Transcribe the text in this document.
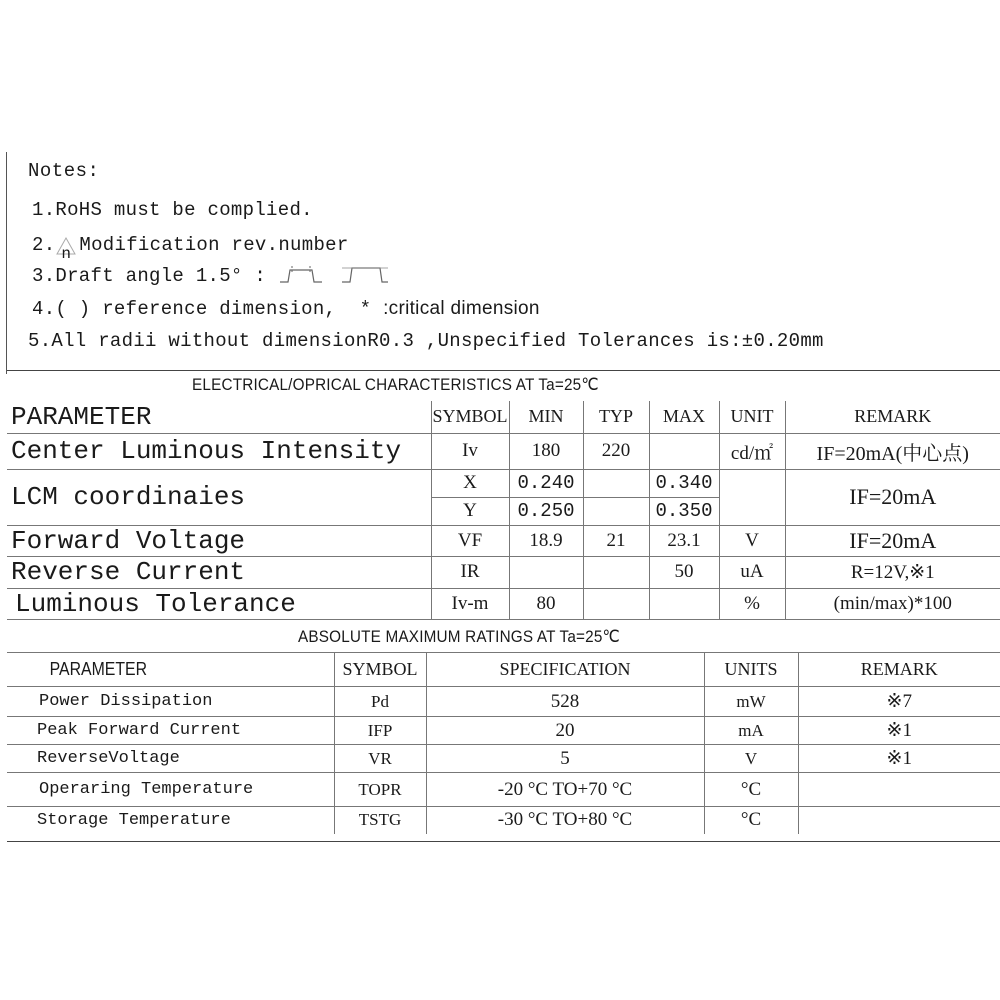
Notes:
1.RoHS must be complied.
2. n Modification rev.number
3.Draft angle 1.5° :
4.( ) reference dimension, * :critical dimension
5.All radii without dimensionR0.3 ,Unspecified Tolerances is:±0.20mm
ELECTRICAL/OPRICAL CHARACTERISTICS AT Ta=25℃
PARAMETER	SYMBOL	MIN	TYP	MAX	UNIT	REMARK
Center Luminous Intensity	Iv	180	220		cd/㎡	IF=20mA(中心点)
LCM coordinaies	X	0.240		0.340		IF=20mA
	Y	0.250		0.350		
Forward Voltage	VF	18.9	21	23.1	V	IF=20mA
Reverse Current	IR			50	uA	R=12V,※1
Luminous Tolerance	Iv-m	80			%	(min/max)*100
ABSOLUTE MAXIMUM RATINGS AT Ta=25℃
PARAMETER	SYMBOL	SPECIFICATION	UNITS	REMARK
Power Dissipation	Pd	528	mW	※7
Peak Forward Current	IFP	20	mA	※1
ReverseVoltage	VR	5	V	※1
Operaring Temperature	TOPR	-20 °C TO+70 °C	°C	
Storage Temperature	TSTG	-30 °C TO+80 °C	°C	
